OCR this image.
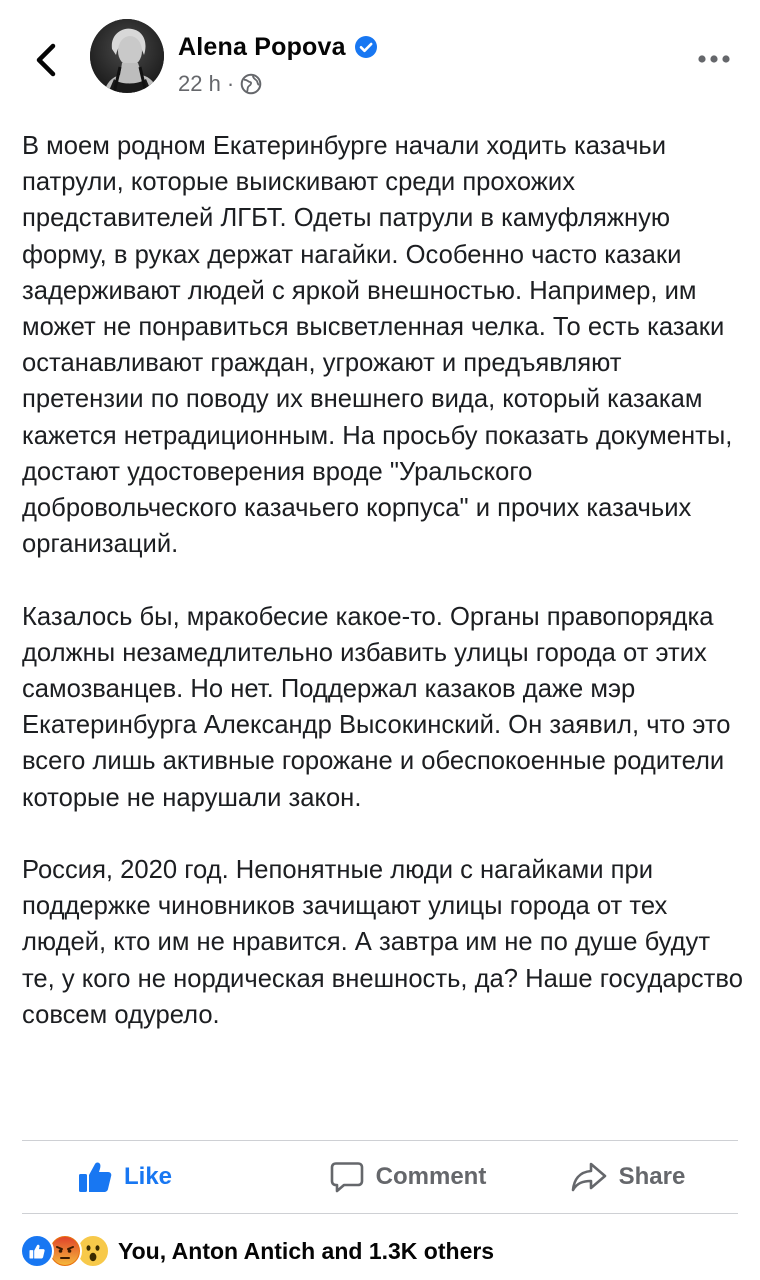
Alena Popova
22 h ·

В моем родном Екатеринбурге начали ходить казачьи патрули, которые выискивают среди прохожих представителей ЛГБТ. Одеты патрули в камуфляжную форму, в руках держат нагайки. Особенно часто казаки задерживают людей с яркой внешностью. Например, им может не понравиться высветленная челка. То есть казаки останавливают граждан, угрожают и предъявляют претензии по поводу их внешнего вида, который казакам кажется нетрадиционным. На просьбу показать документы, достают удостоверения вроде "Уральского добровольческого казачьего корпуса" и прочих казачьих организаций.

Казалось бы, мракобесие какое-то. Органы правопорядка должны незамедлительно избавить улицы города от этих самозванцев. Но нет. Поддержал казаков даже мэр Екатеринбурга Александр Высокинский. Он заявил, что это всего лишь активные горожане и обеспокоенные родители которые не нарушали закон.

Россия, 2020 год. Непонятные люди с нагайками при поддержке чиновников зачищают улицы города от тех людей, кто им не нравится. А завтра им не по душе будут те, у кого не нордическая внешность, да? Наше государство совсем одурело.

Like	Comment	Share
You, Anton Antich and 1.3K others
